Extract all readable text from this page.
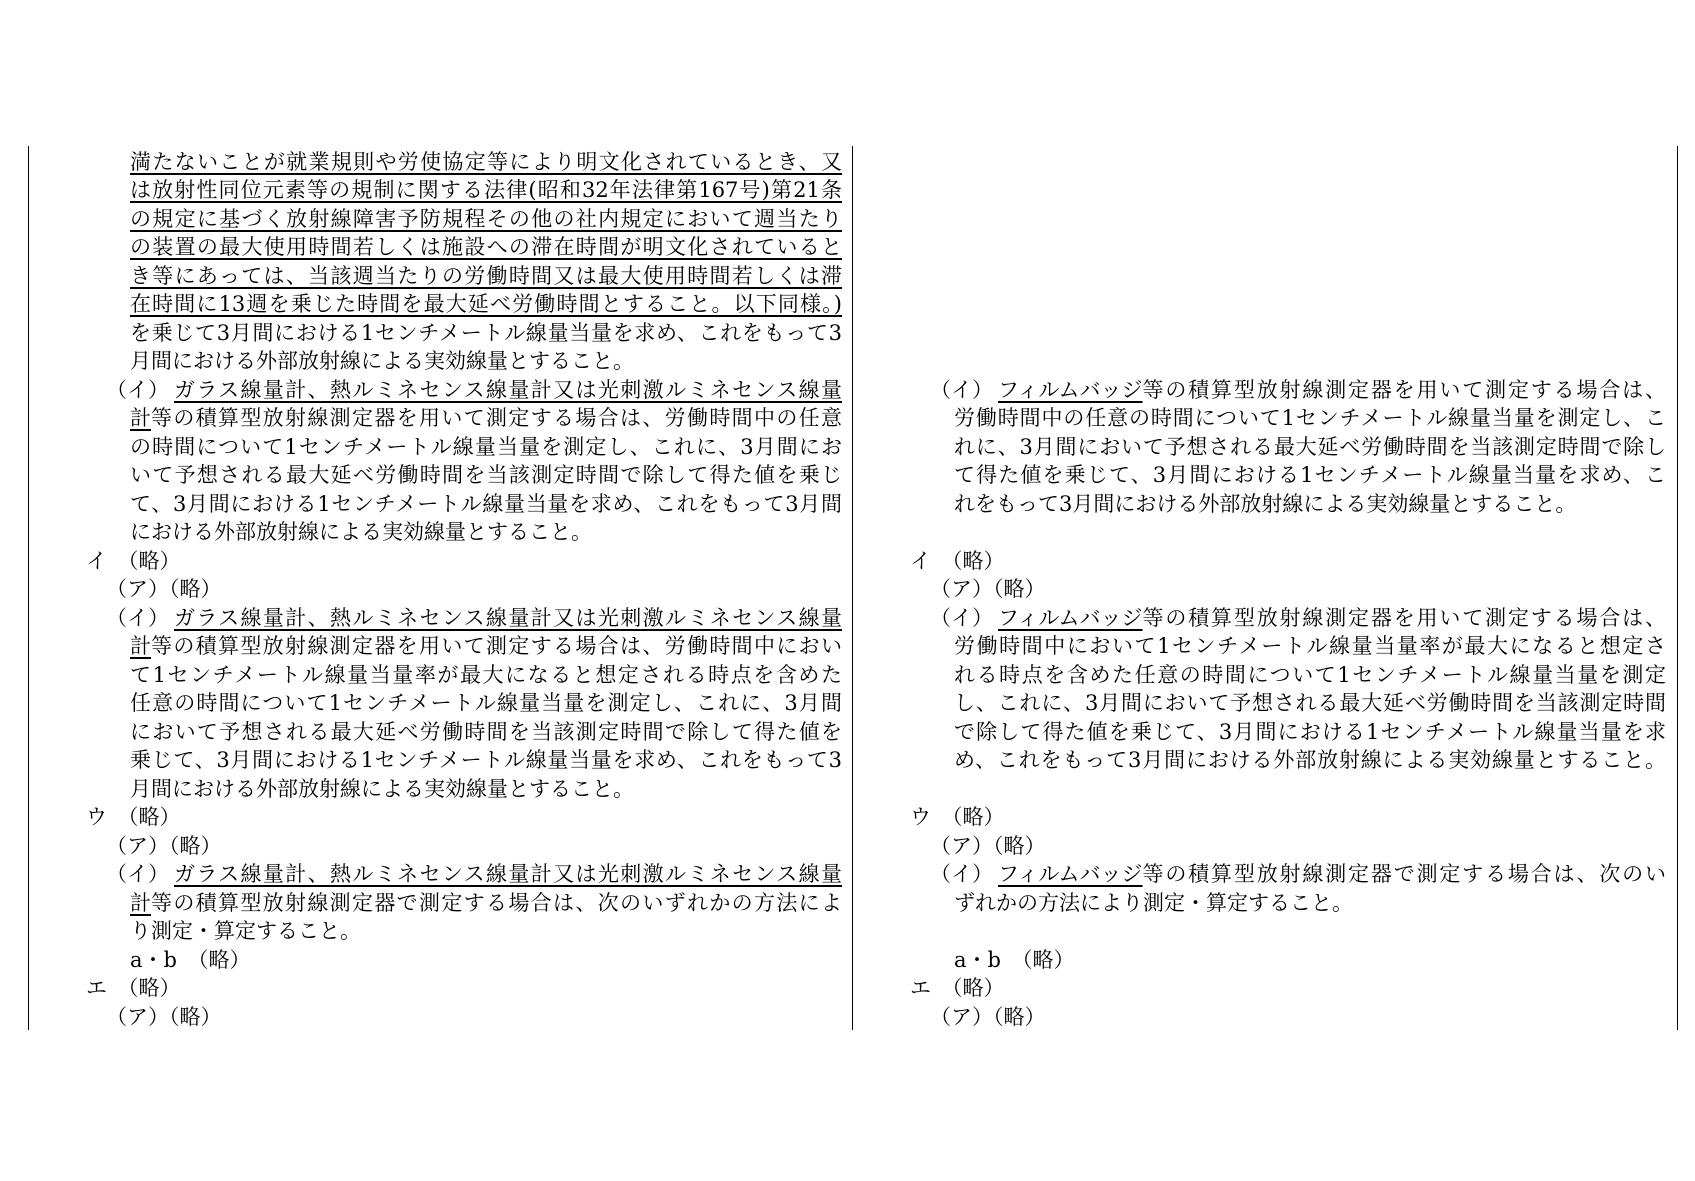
満たないことが就業規則や労使協定等により明文化されているとき、又
は放射性同位元素等の規制に関する法律(昭和32年法律第167号)第21条
の規定に基づく放射線障害予防規程その他の社内規定において週当たり
の装置の最大使用時間若しくは施設への滞在時間が明文化されていると
き等にあっては、当該週当たりの労働時間又は最大使用時間若しくは滞
在時間に13週を乗じた時間を最大延べ労働時間とすること。以下同様。)
を乗じて3月間における1センチメートル線量当量を求め、これをもって3
月間における外部放射線による実効線量とすること。
（イ） ガラス線量計、熱ルミネセンス線量計又は光刺激ルミネセンス線量
計 等の積算型放射線測定器を用いて測定する場合は、労働時間中の任意
の時間について1センチメートル線量当量を測定し、これに、3月間にお
いて予想される最大延べ労働時間を当該測定時間で除して得た値を乗じ
て、3月間における1センチメートル線量当量を求め、これをもって3月間
における外部放射線による実効線量とすること。
イ　（略）
（ア）（略）
（イ） ガラス線量計、熱ルミネセンス線量計又は光刺激ルミネセンス線量
計 等の積算型放射線測定器を用いて測定する場合は、労働時間中におい
て1センチメートル線量当量率が最大になると想定される時点を含めた
任意の時間について1センチメートル線量当量を測定し、これに、3月間
において予想される最大延べ労働時間を当該測定時間で除して得た値を
乗じて、3月間における1センチメートル線量当量を求め、これをもって3
月間における外部放射線による実効線量とすること。
ウ　（略）
（ア）（略）
（イ） ガラス線量計、熱ルミネセンス線量計又は光刺激ルミネセンス線量
計 等の積算型放射線測定器で測定する場合は、次のいずれかの方法によ
り測定・算定すること。
a・b　（略）
エ　（略）
（ア）（略）
（イ） フィルムバッジ 等の積算型放射線測定器を用いて測定する場合は、
労働時間中の任意の時間について1センチメートル線量当量を測定し、こ
れに、3月間において予想される最大延べ労働時間を当該測定時間で除し
て得た値を乗じて、3月間における1センチメートル線量当量を求め、こ
れをもって3月間における外部放射線による実効線量とすること。
イ　（略）
（ア）（略）
（イ） フィルムバッジ 等の積算型放射線測定器を用いて測定する場合は、
労働時間中において1センチメートル線量当量率が最大になると想定さ
れる時点を含めた任意の時間について1センチメートル線量当量を測定
し、これに、3月間において予想される最大延べ労働時間を当該測定時間
で除して得た値を乗じて、3月間における1センチメートル線量当量を求
め、これをもって3月間における外部放射線による実効線量とすること。
ウ　（略）
（ア）（略）
（イ） フィルムバッジ 等の積算型放射線測定器で測定する場合は、次のい
ずれかの方法により測定・算定すること。
a・b　（略）
エ　（略）
（ア）（略）
